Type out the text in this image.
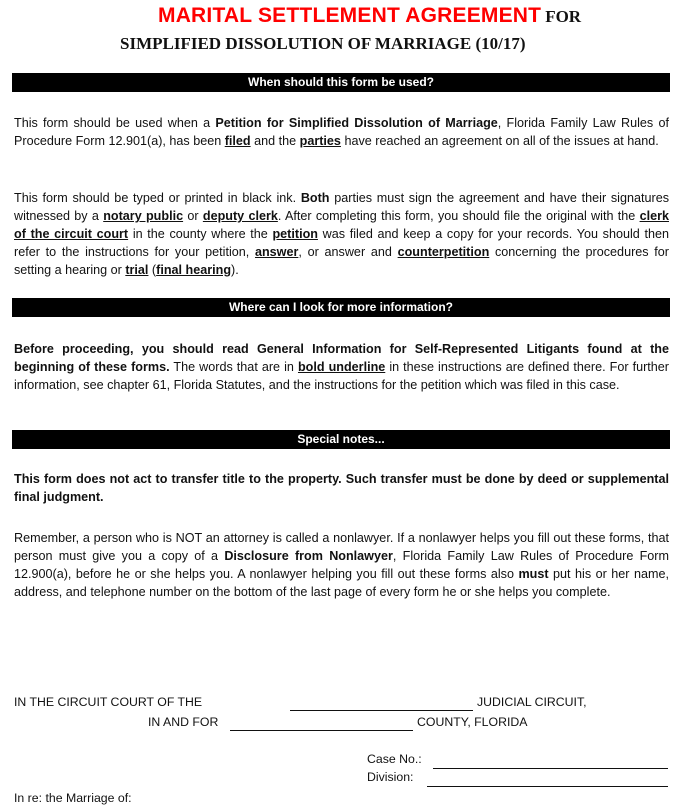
MARITAL SETTLEMENT AGREEMENT FOR
SIMPLIFIED DISSOLUTION OF MARRIAGE (10/17)
When should this form be used?
This form should be used when a Petition for Simplified Dissolution of Marriage, Florida Family Law Rules of Procedure Form 12.901(a), has been filed and the parties have reached an agreement on all of the issues at hand.
This form should be typed or printed in black ink. Both parties must sign the agreement and have their signatures witnessed by a notary public or deputy clerk. After completing this form, you should file the original with the clerk of the circuit court in the county where the petition was filed and keep a copy for your records. You should then refer to the instructions for your petition, answer, or answer and counterpetition concerning the procedures for setting a hearing or trial (final hearing).
Where can I look for more information?
Before proceeding, you should read General Information for Self-Represented Litigants found at the beginning of these forms. The words that are in bold underline in these instructions are defined there. For further information, see chapter 61, Florida Statutes, and the instructions for the petition which was filed in this case.
Special notes...
This form does not act to transfer title to the property. Such transfer must be done by deed or supplemental final judgment.
Remember, a person who is NOT an attorney is called a nonlawyer. If a nonlawyer helps you fill out these forms, that person must give you a copy of a Disclosure from Nonlawyer, Florida Family Law Rules of Procedure Form 12.900(a), before he or she helps you. A nonlawyer helping you fill out these forms also must put his or her name, address, and telephone number on the bottom of the last page of every form he or she helps you complete.
IN THE CIRCUIT COURT OF THE	JUDICIAL CIRCUIT,
IN AND FOR	COUNTY, FLORIDA
Case No.:
Division:
In re: the Marriage of:
